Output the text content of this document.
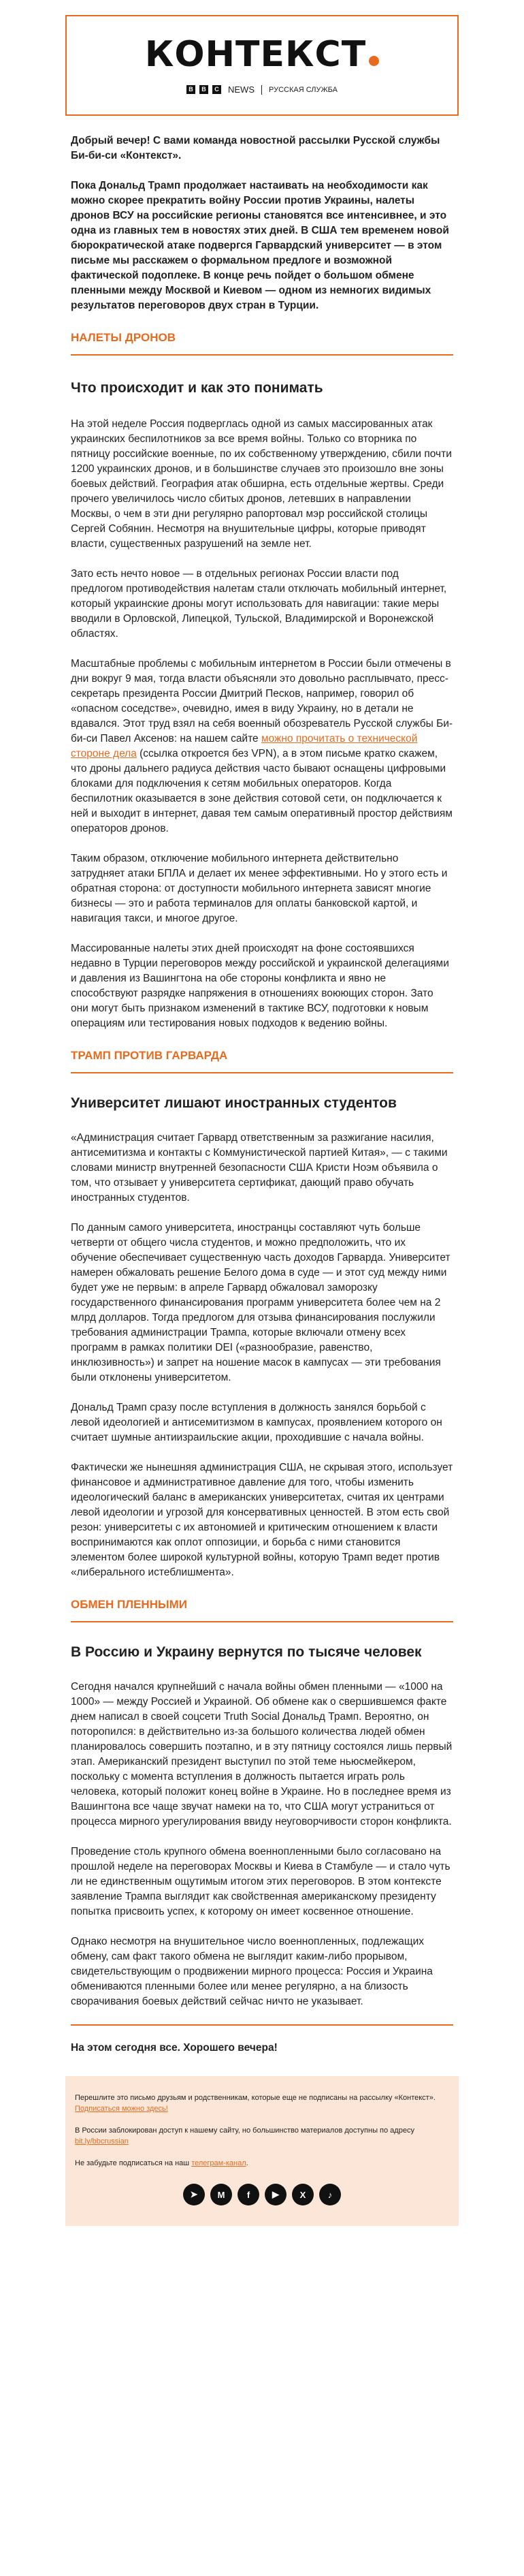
КОНТЕКСТ
B	B	C NEWS РУССКАЯ СЛУЖБА

Добрый вечер! С вами команда новостной рассылки Русской службы Би-би-си «Контекст».

Пока Дональд Трамп продолжает настаивать на необходимости как можно скорее прекратить войну России против Украины, налеты дронов ВСУ на российские регионы становятся все интенсивнее, и это одна из главных тем в новостях этих дней. В США тем временем новой бюрократической атаке подвергся Гарвардский университет — в этом письме мы расскажем о формальном предлоге и возможной фактической подоплеке. В конце речь пойдет о большом обмене пленными между Москвой и Киевом — одном из немногих видимых результатов переговоров двух стран в Турции.

НАЛЕТЫ ДРОНОВ
Что происходит и как это понимать

На этой неделе Россия подверглась одной из самых массированных атак украинских беспилотников за все время войны. Только со вторника по пятницу российские военные, по их собственному утверждению, сбили почти 1200 украинских дронов, и в большинстве случаев это произошло вне зоны боевых действий. География атак обширна, есть отдельные жертвы. Среди прочего увеличилось число сбитых дронов, летевших в направлении Москвы, о чем в эти дни регулярно рапортовал мэр российской столицы Сергей Собянин. Несмотря на внушительные цифры, которые приводят власти, существенных разрушений на земле нет.

Зато есть нечто новое — в отдельных регионах России власти под предлогом противодействия налетам стали отключать мобильный интернет, который украинские дроны могут использовать для навигации: такие меры вводили в Орловской, Липецкой, Тульской, Владимирской и Воронежской областях.

Масштабные проблемы с мобильным интернетом в России были отмечены в дни вокруг 9 мая, тогда власти объясняли это довольно расплывчато, пресс-секретарь президента России Дмитрий Песков, например, говорил об «опасном соседстве», очевидно, имея в виду Украину, но в детали не вдавался. Этот труд взял на себя военный обозреватель Русской службы Би-би-си Павел Аксенов: на нашем сайте можно прочитать о технической стороне дела (ссылка откроется без VPN), а в этом письме кратко скажем, что дроны дальнего радиуса действия часто бывают оснащены цифровыми блоками для подключения к сетям мобильных операторов. Когда беспилотник оказывается в зоне действия сотовой сети, он подключается к ней и выходит в интернет, давая тем самым оперативный простор действиям операторов дронов.

Таким образом, отключение мобильного интернета действительно затрудняет атаки БПЛА и делает их менее эффективными. Но у этого есть и обратная сторона: от доступности мобильного интернета зависят многие бизнесы — это и работа терминалов для оплаты банковской картой, и навигация такси, и многое другое.

Массированные налеты этих дней происходят на фоне состоявшихся недавно в Турции переговоров между российской и украинской делегациями и давления из Вашингтона на обе стороны конфликта и явно не способствуют разрядке напряжения в отношениях воюющих сторон. Зато они могут быть признаком изменений в тактике ВСУ, подготовки к новым операциям или тестирования новых подходов к ведению войны.

ТРАМП ПРОТИВ ГАРВАРДА
Университет лишают иностранных студентов

«Администрация считает Гарвард ответственным за разжигание насилия, антисемитизма и контакты с Коммунистической партией Китая», — с такими словами министр внутренней безопасности США Кристи Ноэм объявила о том, что отзывает у университета сертификат, дающий право обучать иностранных студентов.

По данным самого университета, иностранцы составляют чуть больше четверти от общего числа студентов, и можно предположить, что их обучение обеспечивает существенную часть доходов Гарварда. Университет намерен обжаловать решение Белого дома в суде — и этот суд между ними будет уже не первым: в апреле Гарвард обжаловал заморозку государственного финансирования программ университета более чем на 2 млрд долларов. Тогда предлогом для отзыва финансирования послужили требования администрации Трампа, которые включали отмену всех программ в рамках политики DEI («разнообразие, равенство, инклюзивность») и запрет на ношение масок в кампусах — эти требования были отклонены университетом.

Дональд Трамп сразу после вступления в должность занялся борьбой с левой идеологией и антисемитизмом в кампусах, проявлением которого он считает шумные антиизраильские акции, проходившие с начала войны.

Фактически же нынешняя администрация США, не скрывая этого, использует финансовое и административное давление для того, чтобы изменить идеологический баланс в американских университетах, считая их центрами левой идеологии и угрозой для консервативных ценностей. В этом есть свой резон: университеты с их автономией и критическим отношением к власти воспринимаются как оплот оппозиции, и борьба с ними становится элементом более широкой культурной войны, которую Трамп ведет против «либерального истеблишмента».

ОБМЕН ПЛЕННЫМИ
В Россию и Украину вернутся по тысяче человек

Сегодня начался крупнейший с начала войны обмен пленными — «1000 на 1000» — между Россией и Украиной. Об обмене как о свершившемся факте днем написал в своей соцсети Truth Social Дональд Трамп. Вероятно, он поторопился: в действительно из-за большого количества людей обмен планировалось совершить поэтапно, и в эту пятницу состоялся лишь первый этап. Американский президент выступил по этой теме ньюсмейкером, поскольку с момента вступления в должность пытается играть роль человека, который положит конец войне в Украине. Но в последнее время из Вашингтона все чаще звучат намеки на то, что США могут устраниться от процесса мирного урегулирования ввиду неуговорчивости сторон конфликта.

Проведение столь крупного обмена военнопленными было согласовано на прошлой неделе на переговорах Москвы и Киева в Стамбуле — и стало чуть ли не единственным ощутимым итогом этих переговоров. В этом контексте заявление Трампа выглядит как свойственная американскому президенту попытка присвоить успех, к которому он имеет косвенное отношение.

Однако несмотря на внушительное число военнопленных, подлежащих обмену, сам факт такого обмена не выглядит каким-либо прорывом, свидетельствующим о продвижении мирного процесса: Россия и Украина обмениваются пленными более или менее регулярно, а на близость сворачивания боевых действий сейчас ничто не указывает.

На этом сегодня все. Хорошего вечера!

Перешлите это письмо друзьям и родственникам, которые еще не подписаны на рассылку «Контекст». Подписаться можно здесь!

В России заблокирован доступ к нашему сайту, но большинство материалов доступны по адресу bit.ly/bbcrussian

Не забудьте подписаться на наш телеграм-канал.

➤	M	f	▶	X	♪
